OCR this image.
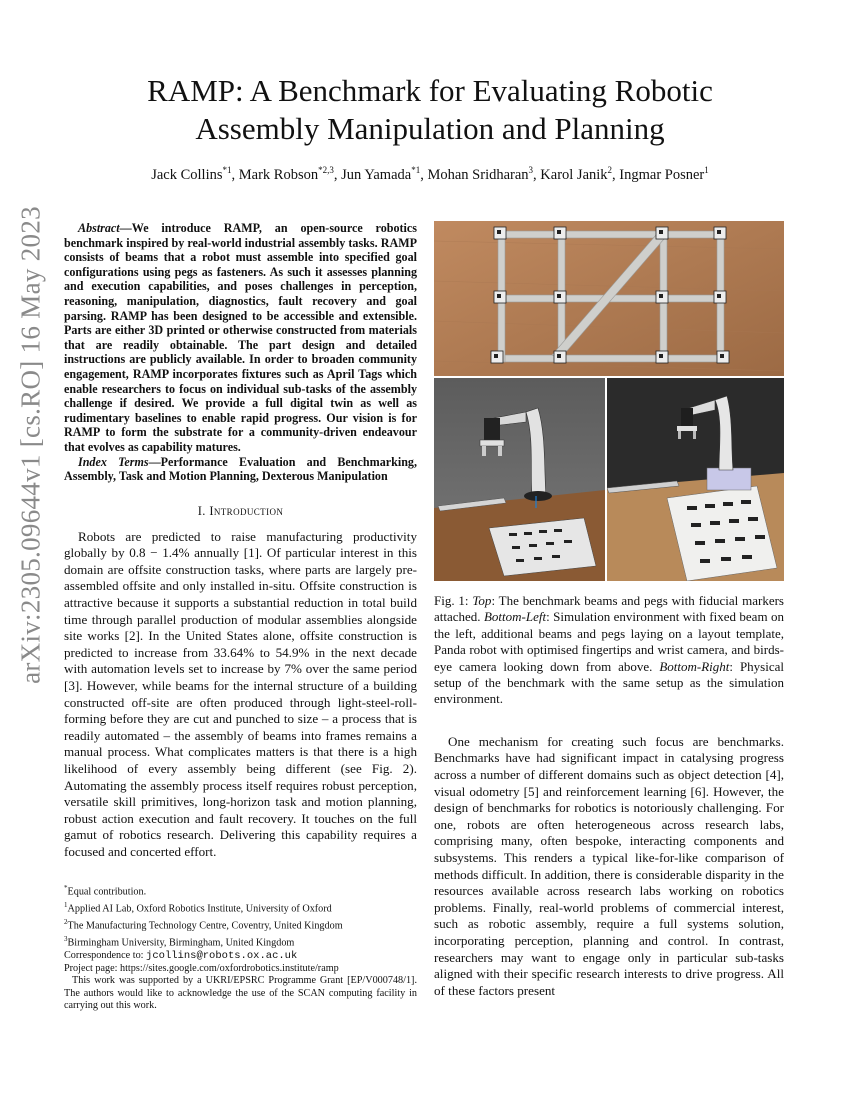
arXiv:2305.09644v1 [cs.RO] 16 May 2023
RAMP: A Benchmark for Evaluating Robotic
Assembly Manipulation and Planning
Jack Collins$^{*1}$, Mark Robson$^{*2,3}$, Jun Yamada$^{*1}$, Mohan Sridharan$^3$, Karol Janik$^2$, Ingmar Posner$^1$

Abstract—We introduce RAMP, an open-source robotics benchmark inspired by real-world industrial assembly tasks. RAMP consists of beams that a robot must assemble into specified goal configurations using pegs as fasteners. As such it assesses planning and execution capabilities, and poses challenges in perception, reasoning, manipulation, diagnostics, fault recovery and goal parsing. RAMP has been designed to be accessible and extensible. Parts are either 3D printed or otherwise constructed from materials that are readily obtainable. The part design and detailed instructions are publicly available. In order to broaden community engagement, RAMP incorporates fixtures such as April Tags which enable researchers to focus on individual sub-tasks of the assembly challenge if desired. We provide a full digital twin as well as rudimentary baselines to enable rapid progress. Our vision is for RAMP to form the substrate for a community-driven endeavour that evolves as capability matures.

Index Terms—Performance Evaluation and Benchmarking, Assembly, Task and Motion Planning, Dexterous Manipulation

I. Introduction

Robots are predicted to raise manufacturing productivity globally by 0.8 − 1.4% annually [1]. Of particular interest in this domain are offsite construction tasks, where parts are largely pre-assembled offsite and only installed in-situ. Offsite construction is attractive because it supports a substantial reduction in total build time through parallel production of modular assemblies alongside site works [2]. In the United States alone, offsite construction is predicted to increase from 33.64% to 54.9% in the next decade with automation levels set to increase by 7% over the same period [3]. However, while beams for the internal structure of a building constructed off-site are often produced through light-steel-roll-forming before they are cut and punched to size – a process that is readily automated – the assembly of beams into frames remains a manual process. What complicates matters is that there is a high likelihood of every assembly being different (see Fig. 2). Automating the assembly process itself requires robust perception, versatile skill primitives, long-horizon task and motion planning, robust action execution and fault recovery. It touches on the full gamut of robotics research. Delivering this capability requires a focused and concerted effort.

*Equal contribution.
$^1$Applied AI Lab, Oxford Robotics Institute, University of Oxford
$^2$The Manufacturing Technology Centre, Coventry, United Kingdom
$^3$Birmingham University, Birmingham, United Kingdom
Correspondence to: jcollins@robots.ox.ac.uk
Project page: https://sites.google.com/oxfordrobotics.institute/ramp
This work was supported by a UKRI/EPSRC Programme Grant [EP/V000748/1]. The authors would like to acknowledge the use of the SCAN computing facility in carrying out this work.

Fig. 1: Top: The benchmark beams and pegs with fiducial markers attached. Bottom-Left: Simulation environment with fixed beam on the left, additional beams and pegs laying on a layout template, Panda robot with optimised fingertips and wrist camera, and birds-eye camera looking down from above. Bottom-Right: Physical setup of the benchmark with the same setup as the simulation environment.

One mechanism for creating such focus are benchmarks. Benchmarks have had significant impact in catalysing progress across a number of different domains such as object detection [4], visual odometry [5] and reinforcement learning [6]. However, the design of benchmarks for robotics is notoriously challenging. For one, robots are often heterogeneous across research labs, comprising many, often bespoke, interacting components and subsystems. This renders a typical like-for-like comparison of methods difficult. In addition, there is considerable disparity in the resources available across research labs working on robotics problems. Finally, real-world problems of commercial interest, such as robotic assembly, require a full systems solution, incorporating perception, planning and control. In contrast, researchers may want to engage only in particular sub-tasks aligned with their specific research interests to drive progress. All of these factors present
